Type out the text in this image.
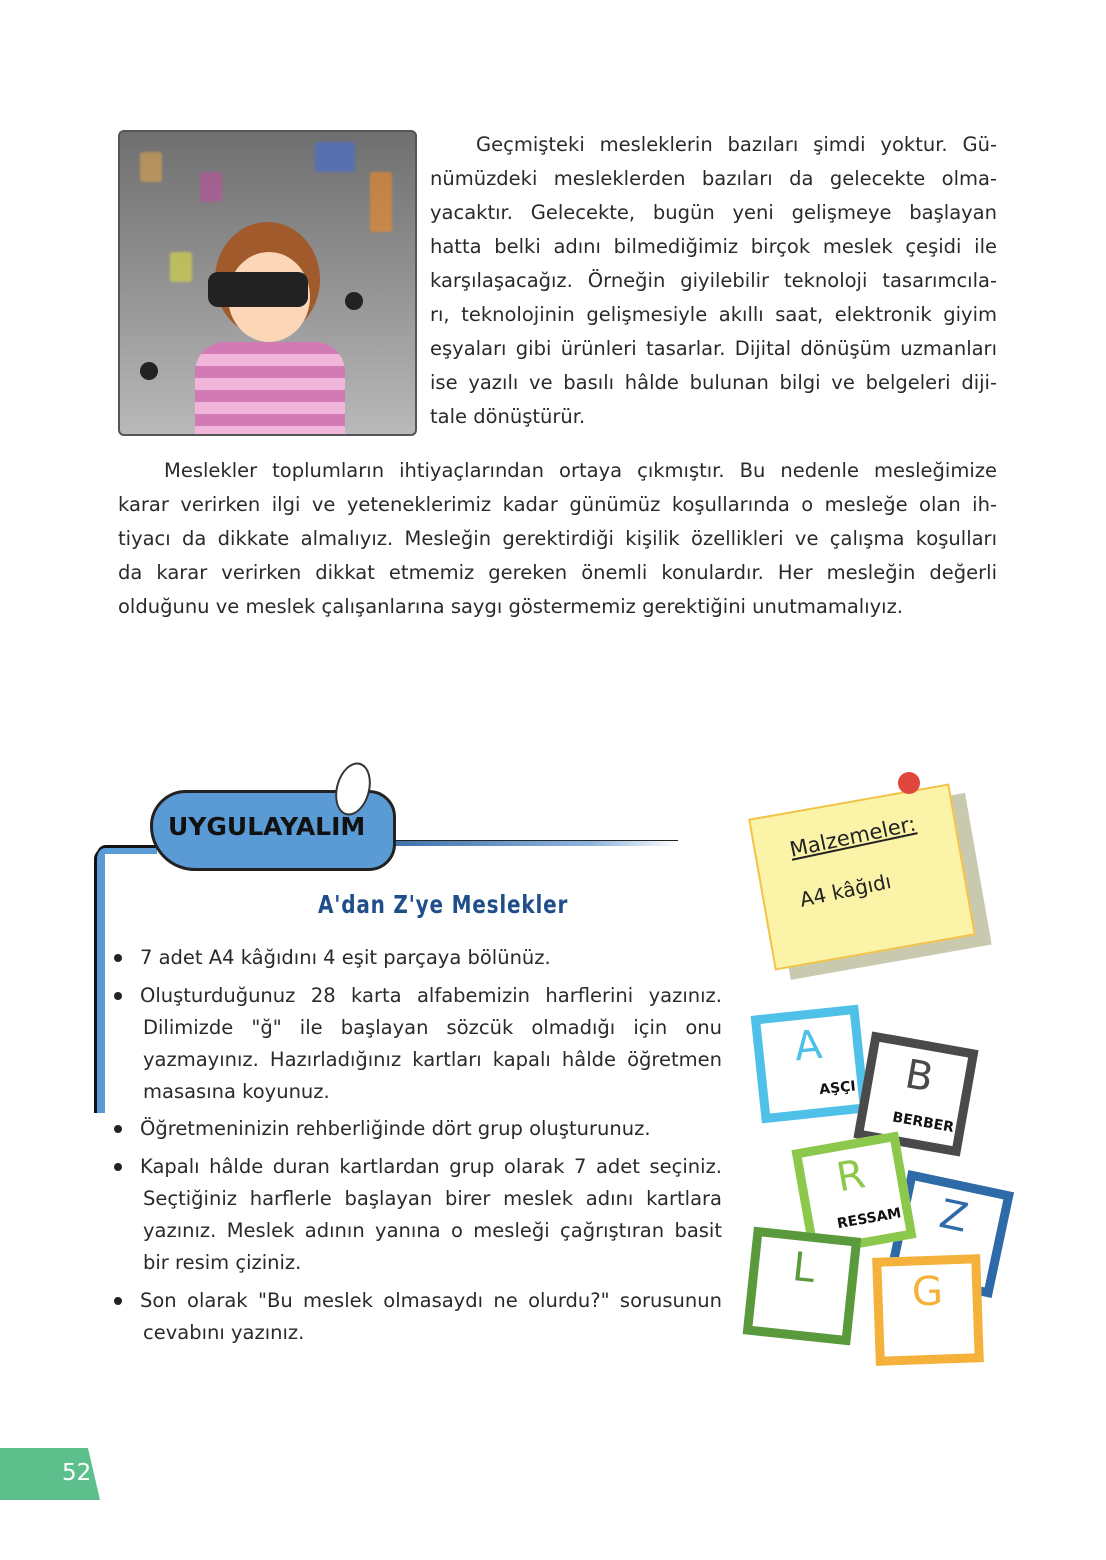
Geçmişteki mesleklerin bazıları şimdi yoktur. Gü-
nümüzdeki mesleklerden bazıları da gelecekte olma-
yacaktır. Gelecekte, bugün yeni gelişmeye başlayan
hatta belki adını bilmediğimiz birçok meslek çeşidi ile
karşılaşacağız. Örneğin giyilebilir teknoloji tasarımcıla-
rı, teknolojinin gelişmesiyle akıllı saat, elektronik giyim
eşyaları gibi ürünleri tasarlar. Dijital dönüşüm uzmanları
ise yazılı ve basılı hâlde bulunan bilgi ve belgeleri diji-
tale dönüştürür.
Meslekler toplumların ihtiyaçlarından ortaya çıkmıştır. Bu nedenle mesleğimize
karar verirken ilgi ve yeteneklerimiz kadar günümüz koşullarında o mesleğe olan ih-
tiyacı da dikkate almalıyız. Mesleğin gerektirdiği kişilik özellikleri ve çalışma koşulları
da karar verirken dikkat etmemiz gereken önemli konulardır. Her mesleğin değerli
olduğunu ve meslek çalışanlarına saygı göstermemiz gerektiğini unutmamalıyız.
UYGULAYALIM
A'dan Z'ye Meslekler
7 adet A4 kâğıdını 4 eşit parçaya bölünüz.
Oluşturduğunuz 28 karta alfabemizin harflerini yazınız.
Dilimizde "ğ" ile başlayan sözcük olmadığı için onu
yazmayınız. Hazırladığınız kartları kapalı hâlde öğretmen
masasına koyunuz.
Öğretmeninizin rehberliğinde dört grup oluşturunuz.
Kapalı hâlde duran kartlardan grup olarak 7 adet seçiniz.
Seçtiğiniz harflerle başlayan birer meslek adını kartlara
yazınız. Meslek adının yanına o mesleği çağrıştıran basit
bir resim çiziniz.
Son olarak "Bu meslek olmasaydı ne olurdu?" sorusunun
cevabını yazınız.
Malzemeler:
A4 kâğıdı
A
AŞÇI	B
BERBER
Z
R
RESSAM
L	G
52
